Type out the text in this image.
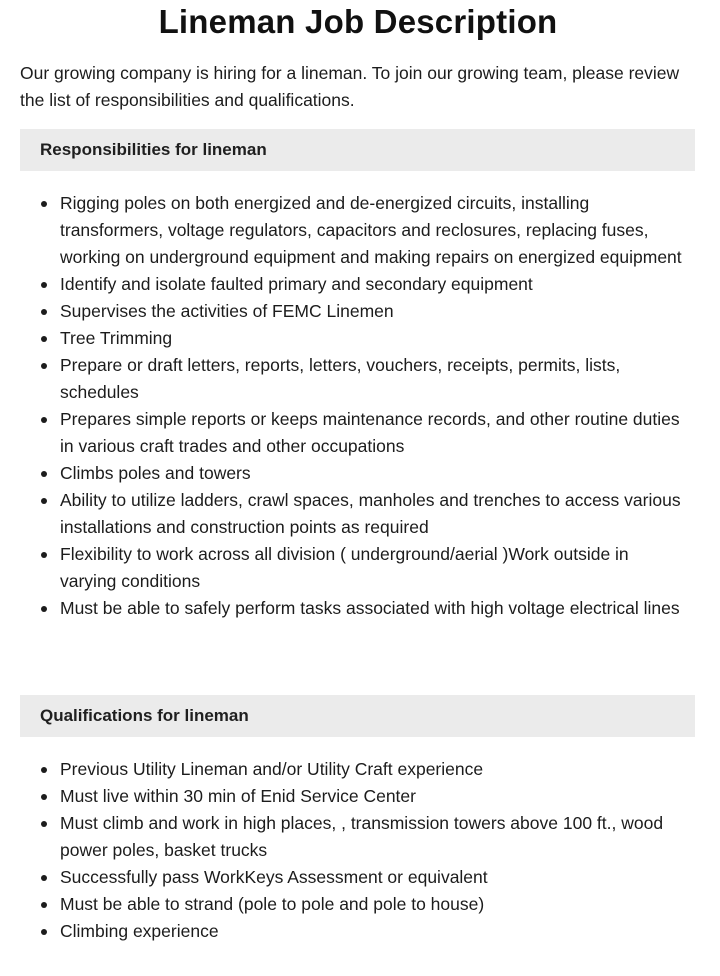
Lineman Job Description

Our growing company is hiring for a lineman. To join our growing team, please review the list of responsibilities and qualifications.

Responsibilities for lineman
Rigging poles on both energized and de-energized circuits, installing transformers, voltage regulators, capacitors and reclosures, replacing fuses, working on underground equipment and making repairs on energized equipment
Identify and isolate faulted primary and secondary equipment
Supervises the activities of FEMC Linemen
Tree Trimming
Prepare or draft letters, reports, letters, vouchers, receipts, permits, lists, schedules
Prepares simple reports or keeps maintenance records, and other routine duties in various craft trades and other occupations
Climbs poles and towers
Ability to utilize ladders, crawl spaces, manholes and trenches to access various installations and construction points as required
Flexibility to work across all division ( underground/aerial )Work outside in varying conditions
Must be able to safely perform tasks associated with high voltage electrical lines
Qualifications for lineman
Previous Utility Lineman and/or Utility Craft experience
Must live within 30 min of Enid Service Center
Must climb and work in high places, , transmission towers above 100 ft., wood power poles, basket trucks
Successfully pass WorkKeys Assessment or equivalent
Must be able to strand (pole to pole and pole to house)
Climbing experience
